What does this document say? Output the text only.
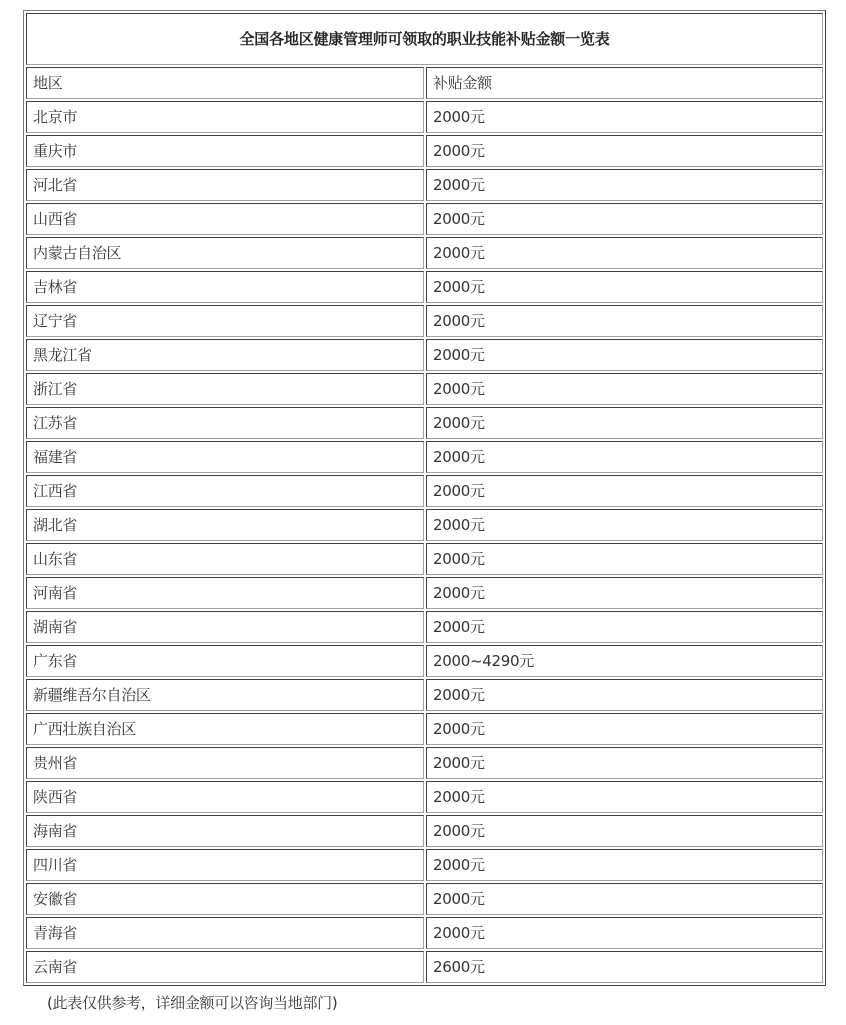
全国各地区健康管理师可领取的职业技能补贴金额一览表	
地区	补贴金额
北京市	2000元
重庆市	2000元
河北省	2000元
山西省	2000元
内蒙古自治区	2000元
吉林省	2000元
辽宁省	2000元
黑龙江省	2000元
浙江省	2000元
江苏省	2000元
福建省	2000元
江西省	2000元
湖北省	2000元
山东省	2000元
河南省	2000元
湖南省	2000元
广东省	2000~4290元
新疆维吾尔自治区	2000元
广西壮族自治区	2000元
贵州省	2000元
陕西省	2000元
海南省	2000元
四川省	2000元
安徽省	2000元
青海省	2000元
云南省	2600元
(此表仅供参考，详细金额可以咨询当地部门)
